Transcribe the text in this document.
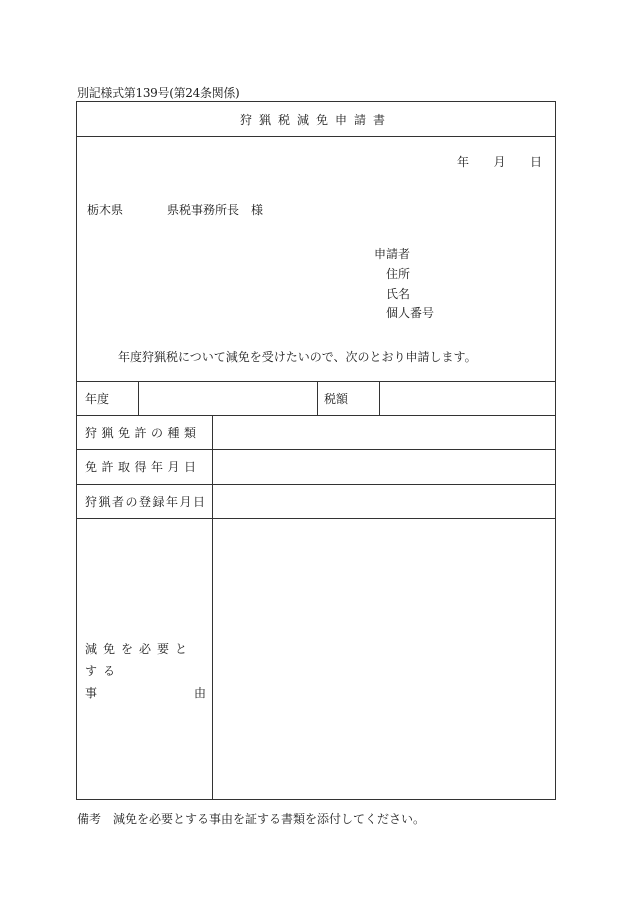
別記様式第139号(第24条関係)
狩猟税減免申請書
年 月 日
栃木県	県税事務所長 様
申請者
住所
氏名
個人番号
年度狩猟税について減免を受けたいので、次のとおり申請します。
年度	税額
狩猟免許の種類
免許取得年月日
狩猟者の登録年月日
減免を必要とする
事	由
備考 減免を必要とする事由を証する書類を添付してください。
